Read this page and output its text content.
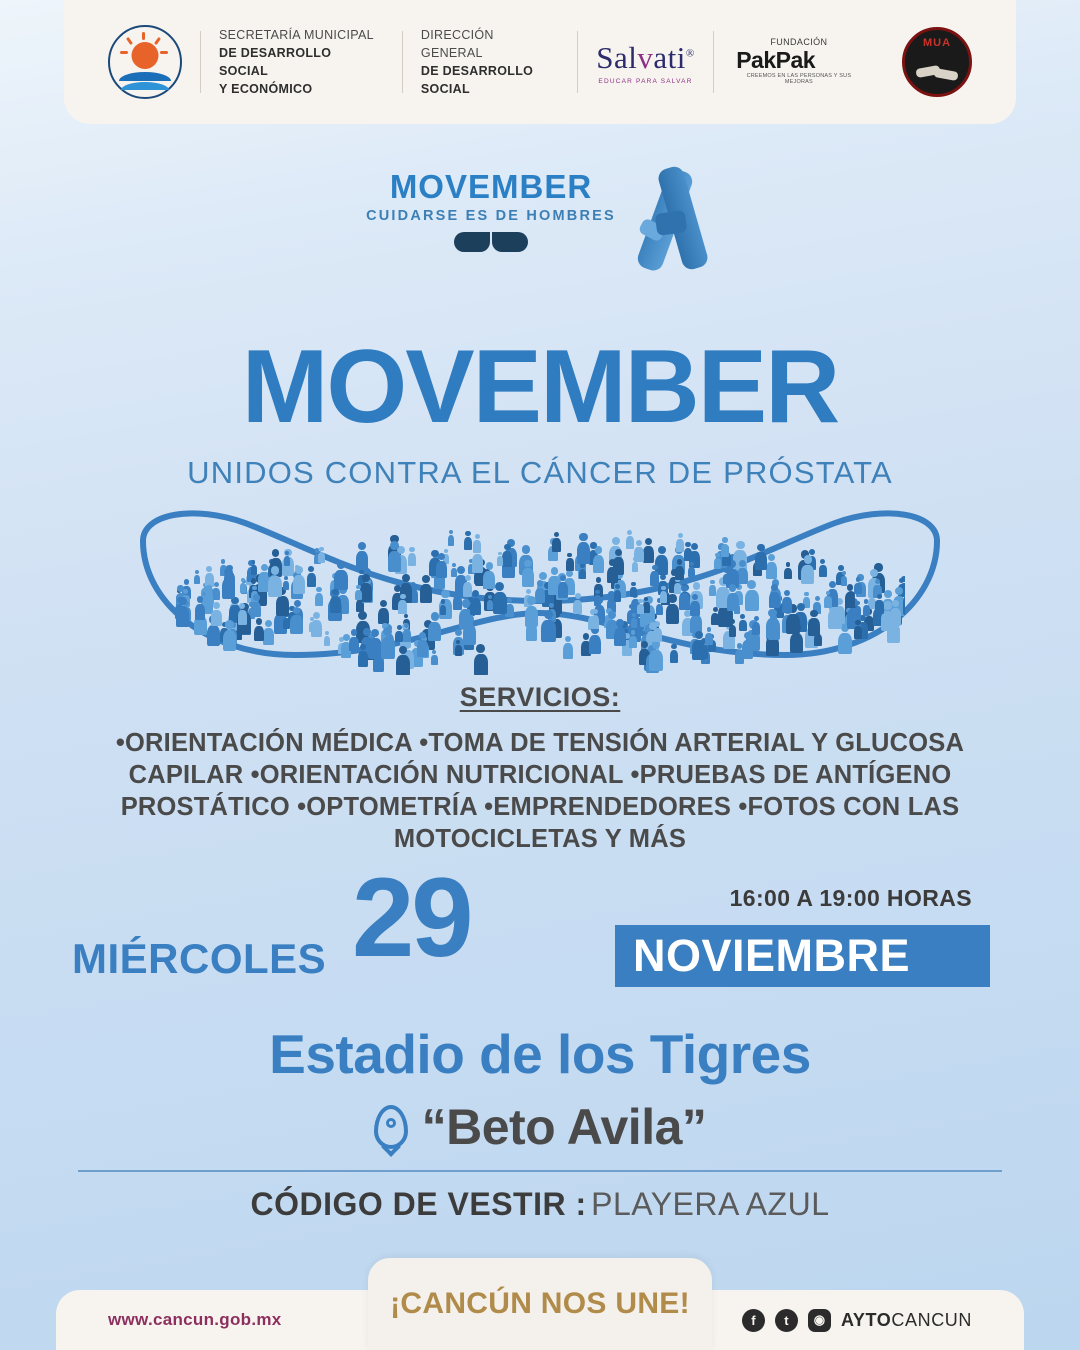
SECRETARÍA MUNICIPAL
DE DESARROLLO SOCIAL
Y ECONÓMICO
DIRECCIÓN GENERAL
DE DESARROLLO
SOCIAL
Salvati®
EDUCAR PARA SALVAR
FUNDACIÓN
PakPak
CREEMOS EN LAS PERSONAS Y SUS MEJORAS
MUA
MOVEMBER
CUIDARSE ES DE HOMBRES
MOVEMBER
UNIDOS CONTRA EL CÁNCER DE PRÓSTATA
SERVICIOS:
•ORIENTACIÓN MÉDICA •TOMA DE TENSIÓN ARTERIAL Y GLUCOSA CAPILAR •ORIENTACIÓN NUTRICIONAL •PRUEBAS DE ANTÍGENO PROSTÁTICO •OPTOMETRÍA •EMPRENDEDORES •FOTOS CON LAS MOTOCICLETAS Y MÁS
16:00 A 19:00 HORAS
NOVIEMBRE
29
MIÉRCOLES
Estadio de los Tigres
“Beto Avila”
CÓDIGO DE VESTIR : PLAYERA AZUL
www.cancun.gob.mx	f	t	◉ AYTOCANCUN
¡CANCÚN NOS UNE!
